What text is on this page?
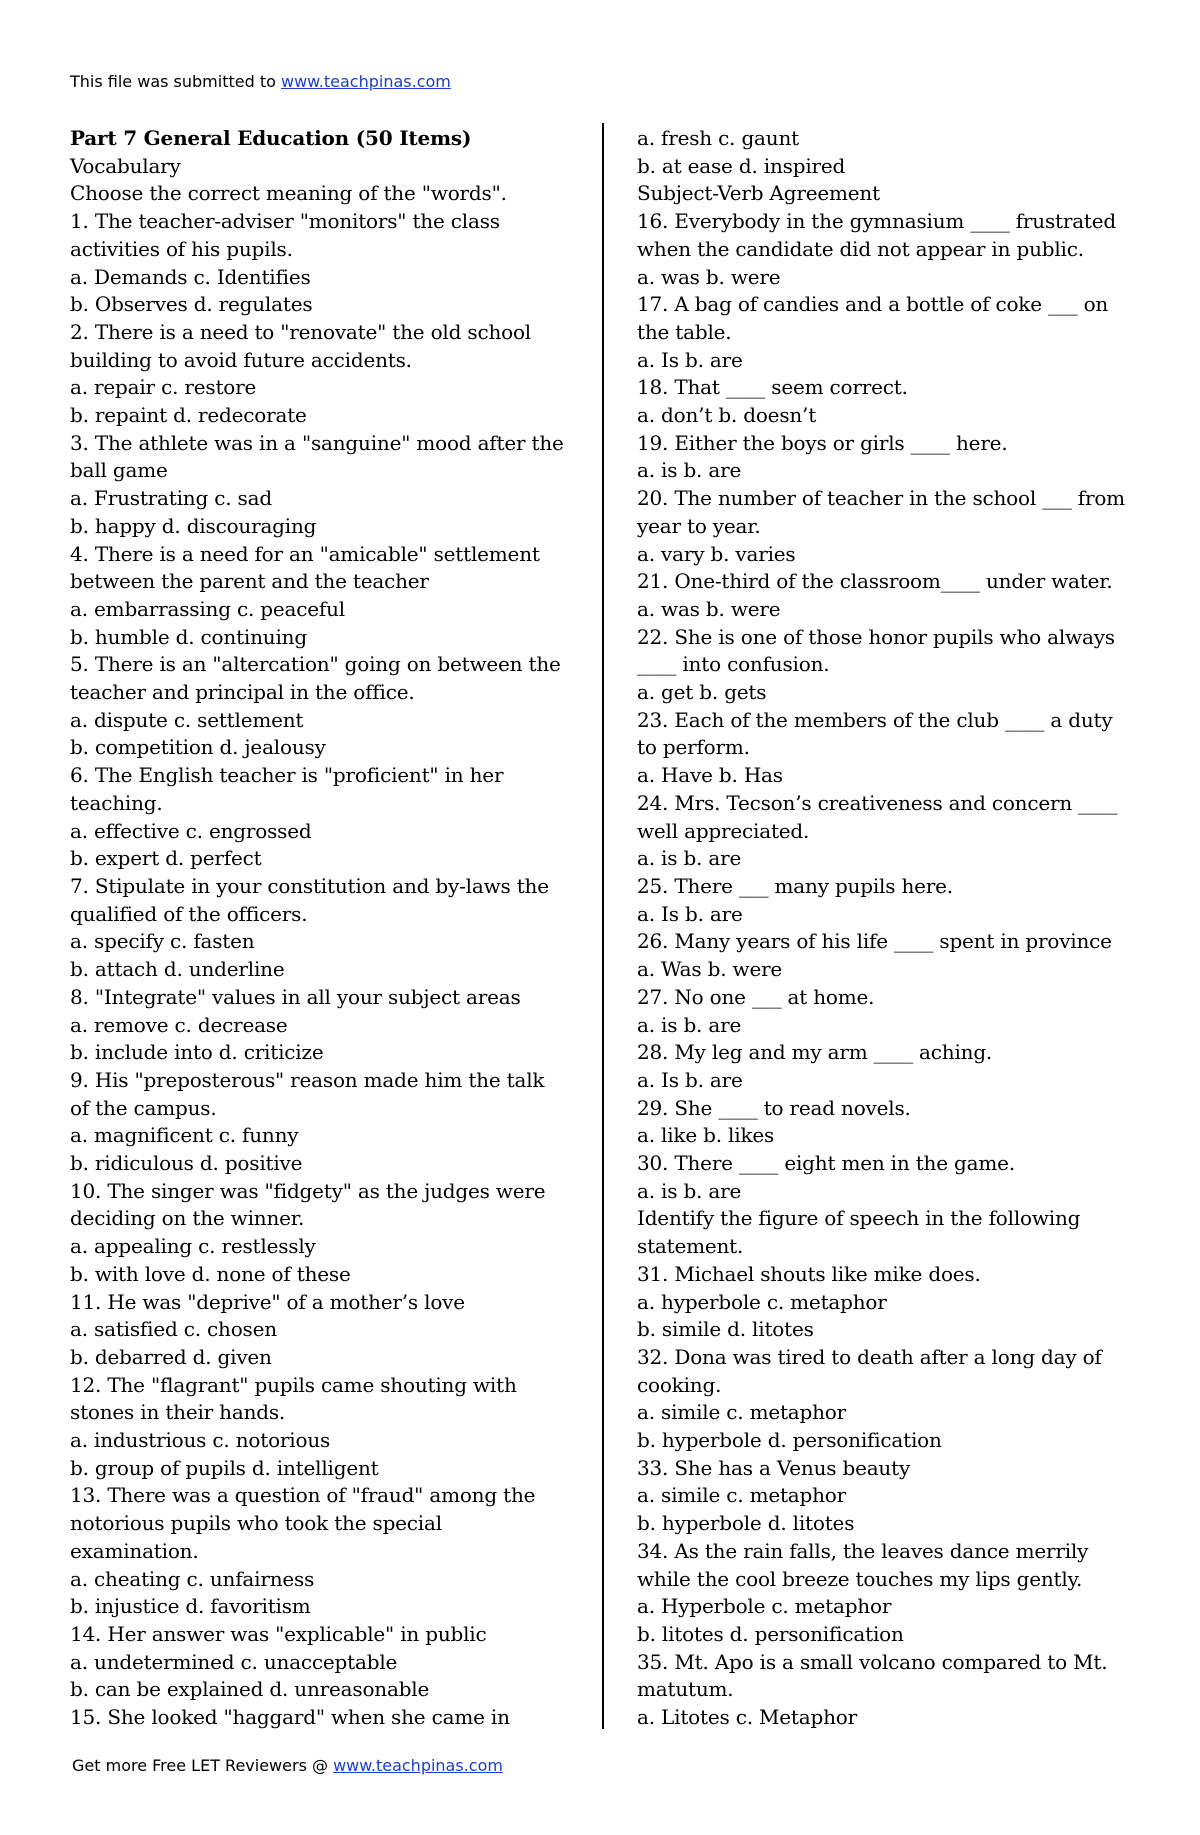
This file was submitted to www.teachpinas.com
Part 7 General Education (50 Items)
Vocabulary
Choose the correct meaning of the "words".
1. The teacher-adviser "monitors" the class
activities of his pupils.
a. Demands c. Identifies
b. Observes d. regulates
2. There is a need to "renovate" the old school
building to avoid future accidents.
a. repair c. restore
b. repaint d. redecorate
3. The athlete was in a "sanguine" mood after the
ball game
a. Frustrating c. sad
b. happy d. discouraging
4. There is a need for an "amicable" settlement
between the parent and the teacher
a. embarrassing c. peaceful
b. humble d. continuing
5. There is an "altercation" going on between the
teacher and principal in the office.
a. dispute c. settlement
b. competition d. jealousy
6. The English teacher is "proficient" in her
teaching.
a. effective c. engrossed
b. expert d. perfect
7. Stipulate in your constitution and by-laws the
qualified of the officers.
a. specify c. fasten
b. attach d. underline
8. "Integrate" values in all your subject areas
a. remove c. decrease
b. include into d. criticize
9. His "preposterous" reason made him the talk
of the campus.
a. magnificent c. funny
b. ridiculous d. positive
10. The singer was "fidgety" as the judges were
deciding on the winner.
a. appealing c. restlessly
b. with love d. none of these
11. He was "deprive" of a mother’s love
a. satisfied c. chosen
b. debarred d. given
12. The "flagrant" pupils came shouting with
stones in their hands.
a. industrious c. notorious
b. group of pupils d. intelligent
13. There was a question of "fraud" among the
notorious pupils who took the special
examination.
a. cheating c. unfairness
b. injustice d. favoritism
14. Her answer was "explicable" in public
a. undetermined c. unacceptable
b. can be explained d. unreasonable
15. She looked "haggard" when she came in
a. fresh c. gaunt
b. at ease d. inspired
Subject-Verb Agreement
16. Everybody in the gymnasium ____ frustrated
when the candidate did not appear in public.
a. was b. were
17. A bag of candies and a bottle of coke ___ on
the table.
a. Is b. are
18. That ____ seem correct.
a. don’t b. doesn’t
19. Either the boys or girls ____ here.
a. is b. are
20. The number of teacher in the school ___ from
year to year.
a. vary b. varies
21. One-third of the classroom____ under water.
a. was b. were
22. She is one of those honor pupils who always
____ into confusion.
a. get b. gets
23. Each of the members of the club ____ a duty
to perform.
a. Have b. Has
24. Mrs. Tecson’s creativeness and concern ____
well appreciated.
a. is b. are
25. There ___ many pupils here.
a. Is b. are
26. Many years of his life ____ spent in province
a. Was b. were
27. No one ___ at home.
a. is b. are
28. My leg and my arm ____ aching.
a. Is b. are
29. She ____ to read novels.
a. like b. likes
30. There ____ eight men in the game.
a. is b. are
Identify the figure of speech in the following
statement.
31. Michael shouts like mike does.
a. hyperbole c. metaphor
b. simile d. litotes
32. Dona was tired to death after a long day of
cooking.
a. simile c. metaphor
b. hyperbole d. personification
33. She has a Venus beauty
a. simile c. metaphor
b. hyperbole d. litotes
34. As the rain falls, the leaves dance merrily
while the cool breeze touches my lips gently.
a. Hyperbole c. metaphor
b. litotes d. personification
35. Mt. Apo is a small volcano compared to Mt.
matutum.
a. Litotes c. Metaphor
Get more Free LET Reviewers @ www.teachpinas.com
